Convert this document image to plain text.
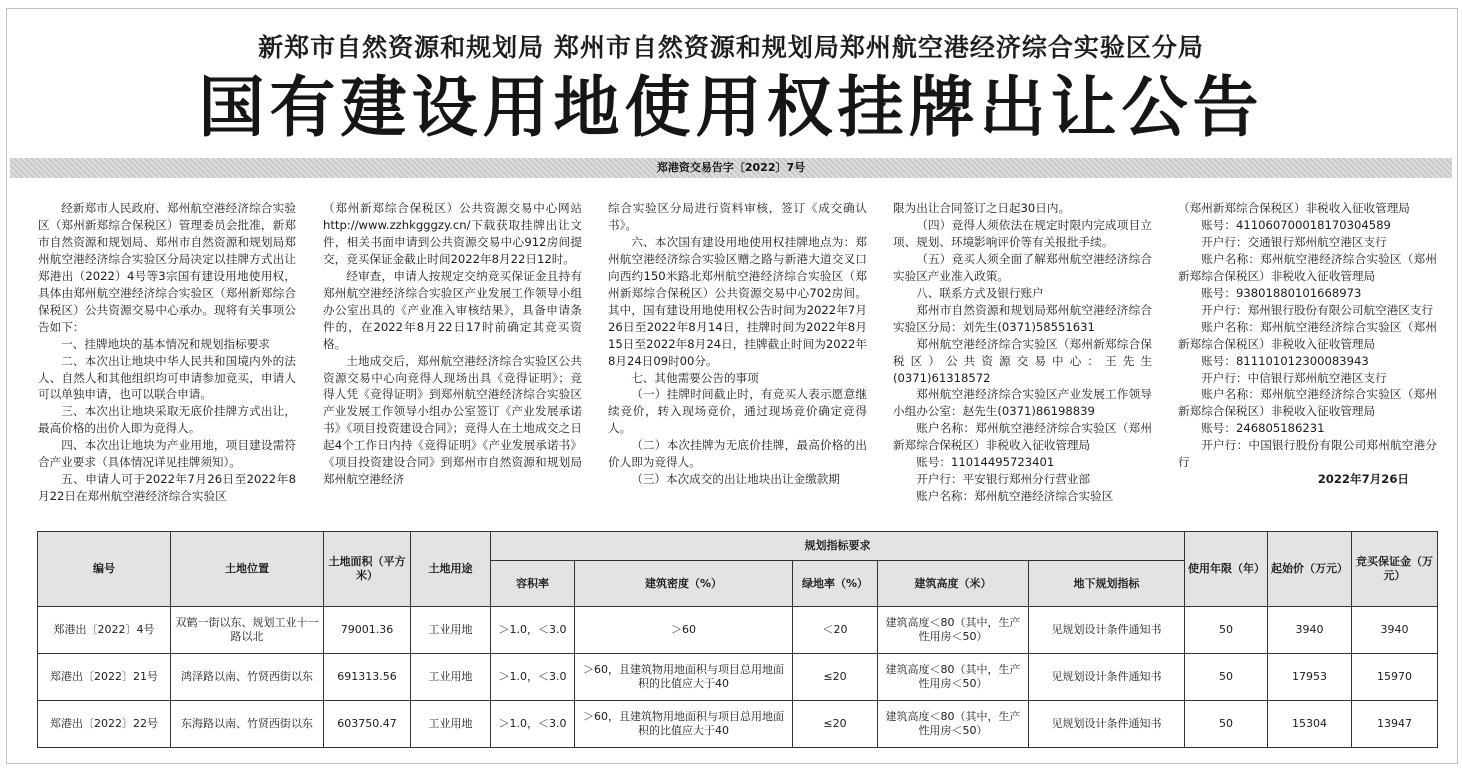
新郑市自然资源和规划局 郑州市自然资源和规划局郑州航空港经济综合实验区分局
国有建设用地使用权挂牌出让公告
郑港资交易告字〔2022〕7号

经新郑市人民政府、郑州航空港经济综合实验区（郑州新郑综合保税区）管理委员会批准，新郑市自然资源和规划局、郑州市自然资源和规划局郑州航空港经济综合实验区分局决定以挂牌方式出让郑港出（2022）4号等3宗国有建设用地使用权，具体由郑州航空港经济综合实验区（郑州新郑综合保税区）公共资源交易中心承办。现将有关事项公告如下：

一、挂牌地块的基本情况和规划指标要求

二、本次出让地块中华人民共和国境内外的法人、自然人和其他组织均可申请参加竞买，申请人可以单独申请，也可以联合申请。

三、本次出让地块采取无底价挂牌方式出让，最高价格的出价人即为竞得人。

四、本次出让地块为产业用地，项目建设需符合产业要求（具体情况详见挂牌须知）。

五、申请人可于2022年7月26日至2022年8月22日在郑州航空港经济综合实验区

（郑州新郑综合保税区）公共资源交易中心网站 http://www.zzhkgggzy.cn/下载获取挂牌出让文件，相关书面申请到公共资源交易中心912房间提交，竞买保证金截止时间2022年8月22日12时。

经审查，申请人按规定交纳竞买保证金且持有郑州航空港经济综合实验区产业发展工作领导小组办公室出具的《产业准入审核结果》，具备申请条件的，在2022年8月22日17时前确定其竞买资格。

土地成交后，郑州航空港经济综合实验区公共资源交易中心向竞得人现场出具《竞得证明》；竞得人凭《竞得证明》到郑州航空港经济综合实验区产业发展工作领导小组办公室签订《产业发展承诺书》《项目投资建设合同》；竞得人在土地成交之日起4个工作日内持《竞得证明》《产业发展承诺书》《项目投资建设合同》到郑州市自然资源和规划局郑州航空港经济

综合实验区分局进行资料审核，签订《成交确认书》。

六、本次国有建设用地使用权挂牌地点为：郑州航空港经济综合实验区赠之路与新港大道交叉口向西约150米路北郑州航空港经济综合实验区（郑州新郑综合保税区）公共资源交易中心702房间。其中，国有建设用地使用权公告时间为2022年7月26日至2022年8月14日，挂牌时间为2022年8月15日至2022年8月24日，挂牌截止时间为2022年8月24日09时00分。

七、其他需要公告的事项

（一）挂牌时间截止时，有竞买人表示愿意继续竞价，转入现场竞价，通过现场竞价确定竞得人。

（二）本次挂牌为无底价挂牌，最高价格的出价人即为竞得人。

（三）本次成交的出让地块出让金缴款期

限为出让合同签订之日起30日内。

（四）竞得人须依法在规定时限内完成项目立项、规划、环境影响评价等有关报批手续。

（五）竞买人须全面了解郑州航空港经济综合实验区产业准入政策。

八、联系方式及银行账户

郑州市自然资源和规划局郑州航空港经济综合实验区分局：刘先生(0371)58551631

郑州航空港经济综合实验区（郑州新郑综合保税区）公共资源交易中心：王先生(0371)61318572

郑州航空港经济综合实验区产业发展工作领导小组办公室：赵先生(0371)86198839

账户名称：郑州航空港经济综合实验区（郑州新郑综合保税区）非税收入征收管理局

账号：11014495723401

开户行：平安银行郑州分行营业部

账户名称：郑州航空港经济综合实验区

（郑州新郑综合保税区）非税收入征收管理局

账号：411060700018170304589

开户行：交通银行郑州航空港区支行

账户名称：郑州航空港经济综合实验区（郑州新郑综合保税区）非税收入征收管理局

账号：93801880101668973

开户行：郑州银行股份有限公司航空港区支行

账户名称：郑州航空港经济综合实验区（郑州新郑综合保税区）非税收入征收管理局

账号：811101012300083943

开户行：中信银行郑州航空港区支行

账户名称：郑州航空港经济综合实验区（郑州新郑综合保税区）非税收入征收管理局

账号：246805186231

开户行：中国银行股份有限公司郑州航空港分行

2022年7月26日

编号	土地位置	土地面积（平方米）	土地用途	规划指标要求					使用年限（年）	起始价（万元）	竞买保证金（万元）
				容积率	建筑密度（%）	绿地率（%）	建筑高度（米）	地下规划指标			
郑港出〔2022〕4号	双鹤一街以东、规划工业十一路以北	79001.36	工业用地	＞1.0，＜3.0	＞60	＜20	建筑高度＜80（其中，生产性用房＜50）	见规划设计条件通知书	50	3940	3940
郑港出〔2022〕21号	鸿泽路以南、竹贤西街以东	691313.56	工业用地	＞1.0，＜3.0	＞60，且建筑物用地面积与项目总用地面积的比值应大于40	≤20	建筑高度＜80（其中，生产性用房＜50）	见规划设计条件通知书	50	17953	15970
郑港出〔2022〕22号	东海路以南、竹贤西街以东	603750.47	工业用地	＞1.0，＜3.0	＞60，且建筑物用地面积与项目总用地面积的比值应大于40	≤20	建筑高度＜80（其中，生产性用房＜50）	见规划设计条件通知书	50	15304	13947
